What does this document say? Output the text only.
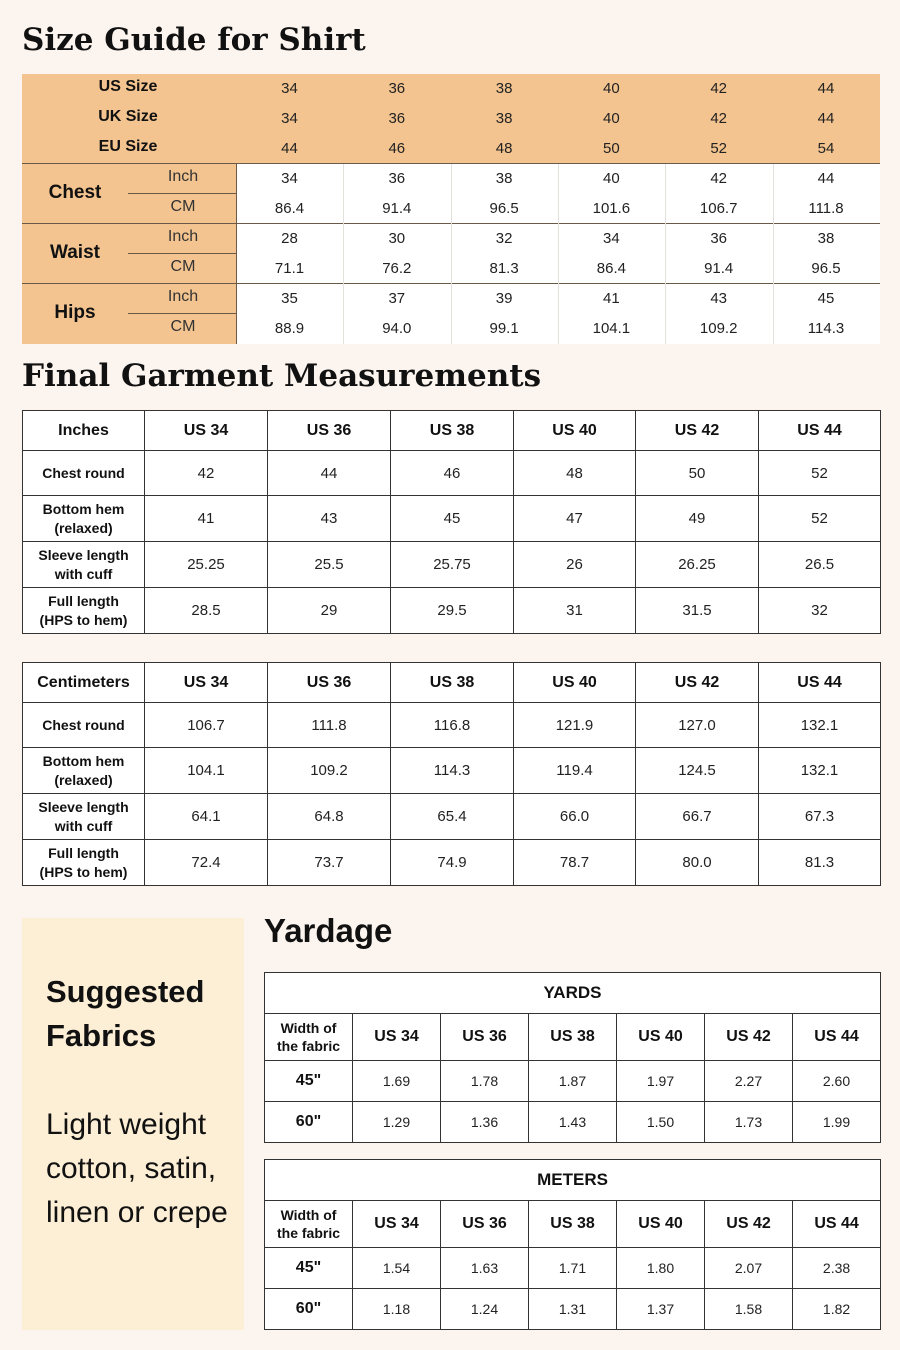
Size Guide for Shirt
US Size	34	36	38	40	42	44
UK Size	34	36	38	40	42	44
EU Size	44	46	48	50	52	54
Chest
Inch	34	36	38	40	42	44
CM	86.4	91.4	96.5	101.6	106.7	111.8
Waist
Inch	28	30	32	34	36	38
CM	71.1	76.2	81.3	86.4	91.4	96.5
Hips
Inch	35	37	39	41	43	45
CM	88.9	94.0	99.1	104.1	109.2	114.3
Final Garment Measurements
Inches	US 34	US 36	US 38	US 40	US 42	US 44

Chest round	42	44	46	48	50	52

Bottom hem
(relaxed)	41	43	45	47	49	52

Sleeve length
with cuff	25.25	25.5	25.75	26	26.25	26.5

Full length
(HPS to hem)	28.5	29	29.5	31	31.5	32
Centimeters	US 34	US 36	US 38	US 40	US 42	US 44

Chest round	106.7	111.8	116.8	121.9	127.0	132.1

Bottom hem
(relaxed)	104.1	109.2	114.3	119.4	124.5	132.1

Sleeve length
with cuff	64.1	64.8	65.4	66.0	66.7	67.3

Full length
(HPS to hem)	72.4	73.7	74.9	78.7	80.0	81.3
Suggested Fabrics
Light weight cotton, satin, linen or crepe
Yardage
YARDS						

Width of
the fabric	US 34	US 36	US 38	US 40	US 42	US 44
45"	1.69	1.78	1.87	1.97	2.27	2.60
60"	1.29	1.36	1.43	1.50	1.73	1.99
METERS						

Width of
the fabric	US 34	US 36	US 38	US 40	US 42	US 44
45"	1.54	1.63	1.71	1.80	2.07	2.38
60"	1.18	1.24	1.31	1.37	1.58	1.82
